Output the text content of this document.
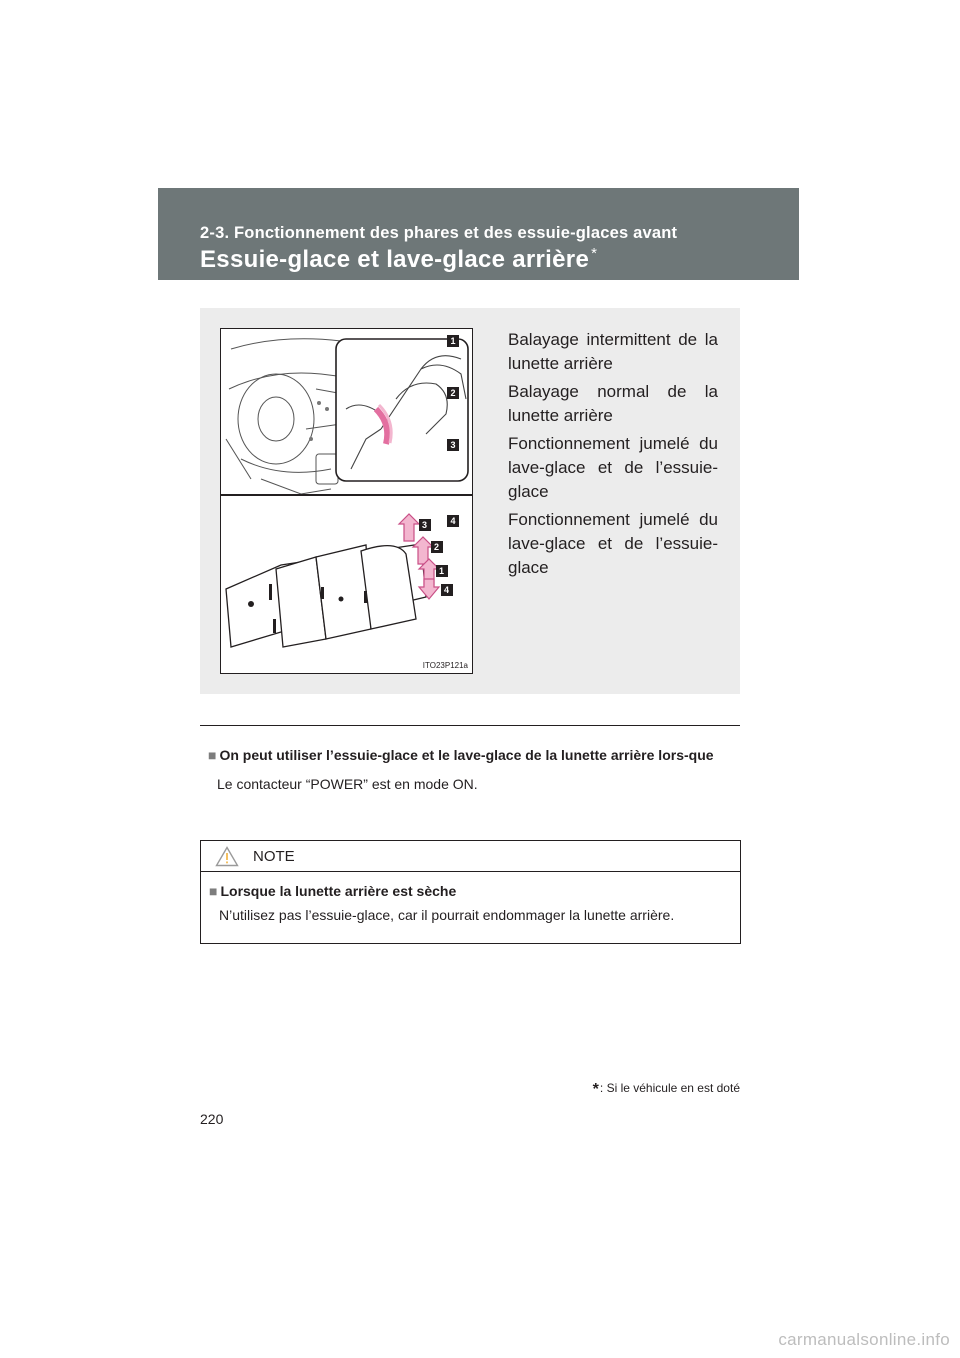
2-3. Fonctionnement des phares et des essuie-glaces avant
Essuie-glace et lave-glace arrière *
3
2
1
4
ITO23P121a
1	Balayage intermittent de la lunette arrière
2	Balayage normal de la lunette arrière
3	Fonctionnement jumelé du lave-glace et de l’essuie-glace
4	Fonctionnement jumelé du lave-glace et de l’essuie-glace
■ On peut utiliser l’essuie-glace et le lave-glace de la lunette arrière lors-que
Le contacteur “POWER” est en mode ON.
NOTE
■ Lorsque la lunette arrière est sèche
N’utilisez pas l’essuie-glace, car il pourrait endommager la lunette arrière.
*: Si le véhicule en est doté
220
carmanualsonline.info
